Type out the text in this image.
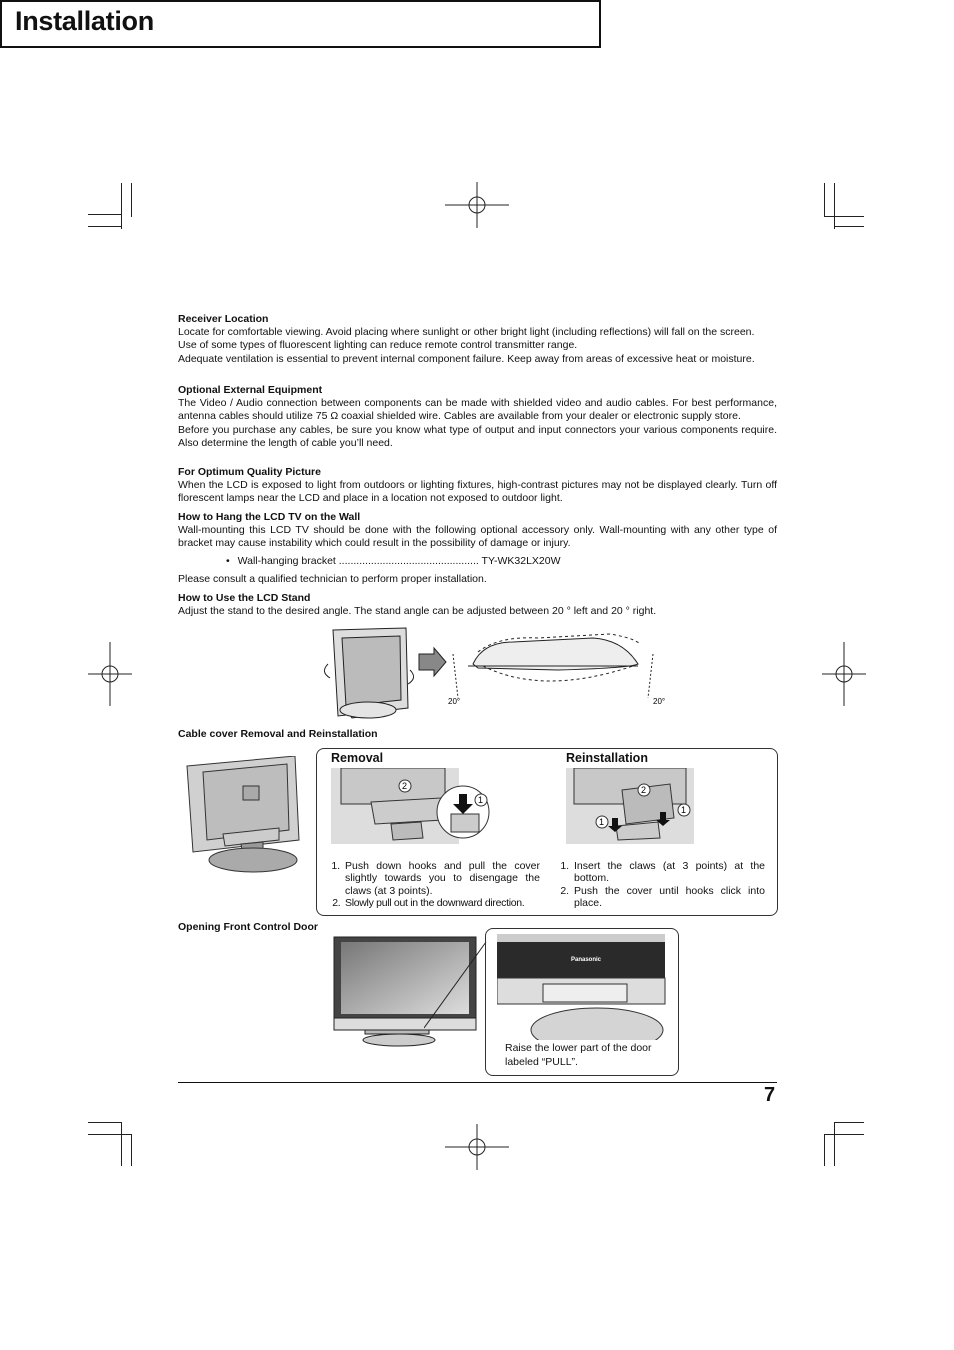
Installation
Receiver Location
Locate for comfortable viewing. Avoid placing where sunlight or other bright light (including reflections) will fall on the screen.
Use of some types of fluorescent lighting can reduce remote control transmitter range.
Adequate ventilation is essential to prevent internal component failure. Keep away from areas of excessive heat or moisture.
Optional External Equipment
The Video / Audio connection between components can be made with shielded video and audio cables. For best performance, antenna cables should utilize 75 Ω coaxial shielded wire. Cables are available from your dealer or electronic supply store.
Before you purchase any cables, be sure you know what type of output and input connectors your various components require. Also determine the length of cable you’ll need.
For Optimum Quality Picture
When the LCD is exposed to light from outdoors or lighting fixtures, high-contrast pictures may not be displayed clearly. Turn off florescent lamps near the LCD and place in a location not exposed to outdoor light.
How to Hang the LCD TV on the Wall
Wall-mounting this LCD TV should be done with the following optional accessory only. Wall-mounting with any other type of bracket may cause instability which could result in the possibility of damage or injury.
• Wall-hanging bracket ................................................ TY-WK32LX20W
Please consult a qualified technician to perform proper installation.
How to Use the LCD Stand
Adjust the stand to the desired angle. The stand angle can be adjusted between 20 ° left and 20 ° right.
20°	20°
Cable cover Removal and Reinstallation
Removal	Reinstallation
2
1
2
1
1
1. Push down hooks and pull the cover slightly towards you to disengage the claws (at 3 points).
2. Slowly pull out in the downward direction.
1. Insert the claws (at 3 points) at the bottom.
2. Push the cover until hooks click into place.
Opening Front Control Door
Panasonic
Raise the lower part of the door labeled “PULL”.
7
